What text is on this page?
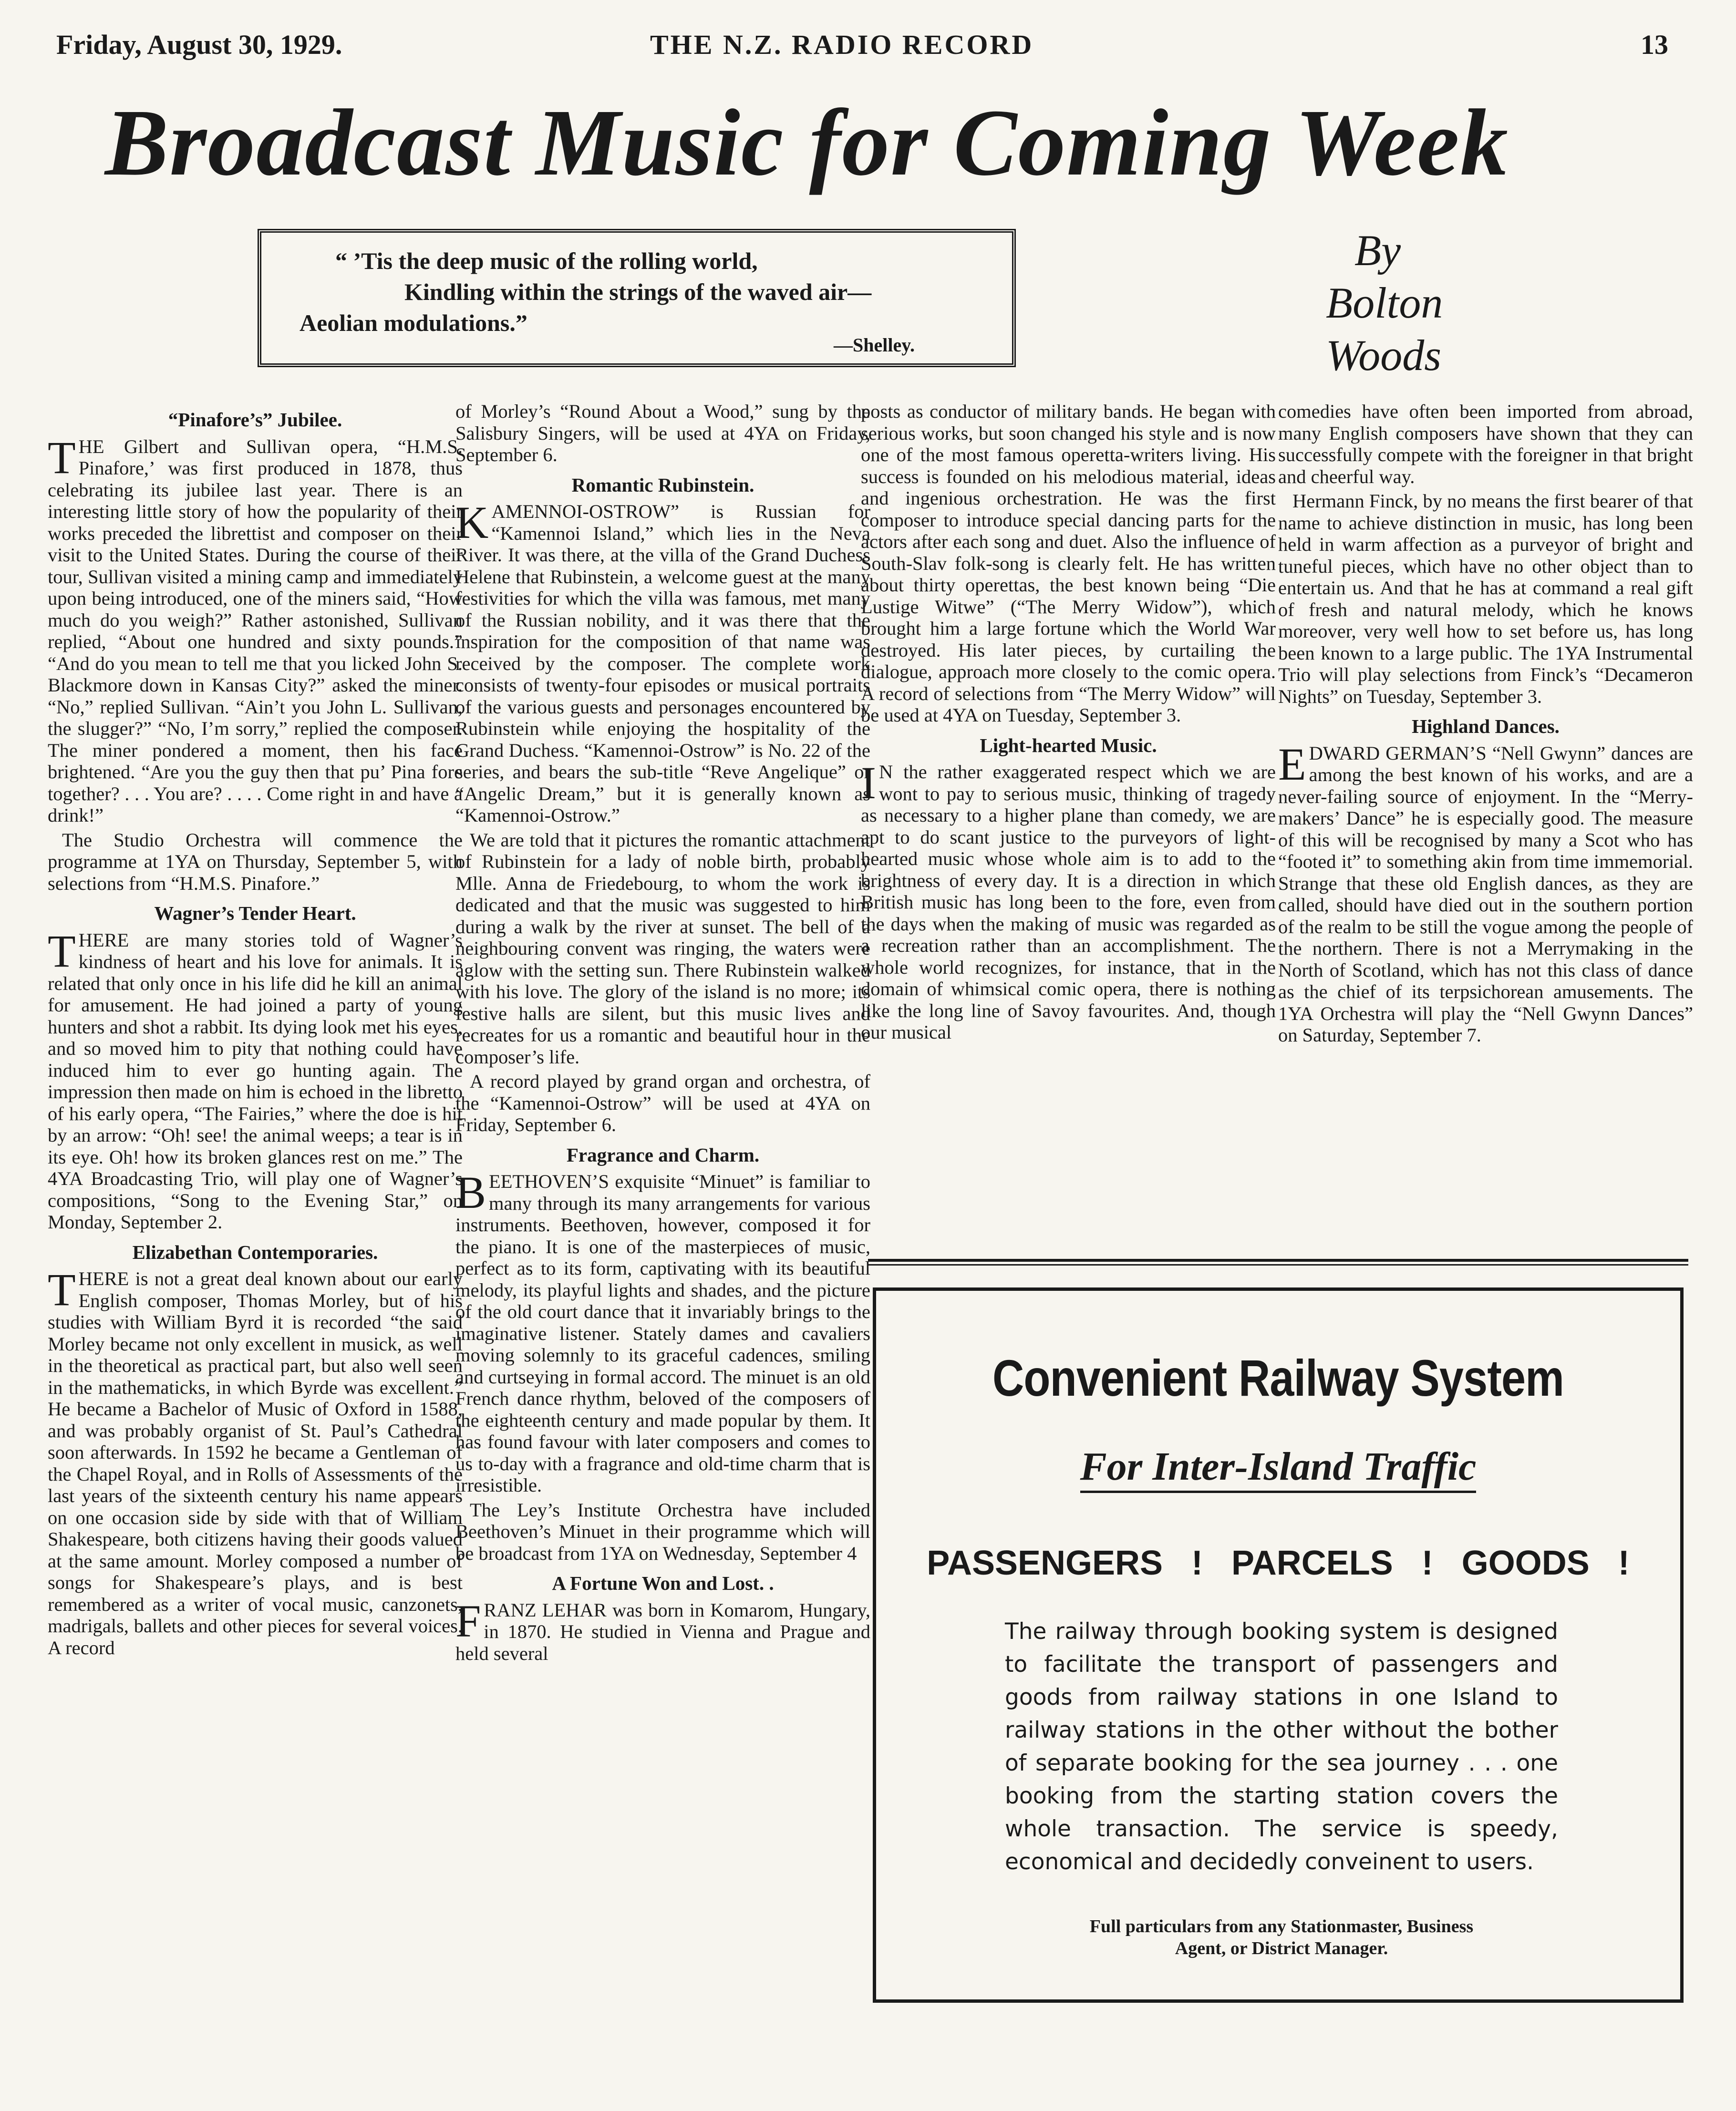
Friday, August 30, 1929.	THE N.Z. RADIO RECORD	13
Broadcast Music for Coming Week
“ ’Tis the deep music of the rolling world,
Kindling within the strings of the waved air—
Aeolian modulations.”
—Shelley.
By
Bolton
Woods
“Pinafore’s” Jubilee.

THE Gilbert and Sullivan opera, “H.M.S. Pinafore,’ was first produced in 1878, thus celebrating its jubilee last year. There is an interesting little story of how the popularity of their works preceded the librettist and composer on their visit to the United States. During the course of their tour, Sullivan visited a mining camp and immediately upon being introduced, one of the miners said, “How much do you weigh?” Rather astonished, Sullivan replied, “About one hundred and sixty pounds.” “And do you mean to tell me that you licked John S. Blackmore down in Kansas City?” asked the miner. “No,” replied Sullivan. “Ain’t you John L. Sullivan, the slugger?” “No, I’m sorry,” replied the composer. The miner pondered a moment, then his face brightened. “Are you the guy then that pu’ Pina fore together? . . . You are? . . . . Come right in and have a drink!”

The Studio Orchestra will commence the programme at 1YA on Thursday, September 5, with selections from “H.M.S. Pinafore.”

Wagner’s Tender Heart.

THERE are many stories told of Wagner’s kindness of heart and his love for animals. It is related that only once in his life did he kill an animal for amusement. He had joined a party of young hunters and shot a rabbit. Its dying look met his eyes, and so moved him to pity that nothing could have induced him to ever go hunting again. The impression then made on him is echoed in the libretto of his early opera, “The Fairies,” where the doe is hit by an arrow: “Oh! see! the animal weeps; a tear is in its eye. Oh! how its broken glances rest on me.” The 4YA Broadcasting Trio, will play one of Wagner’s compositions, “Song to the Evening Star,” on Monday, September 2.

Elizabethan Contemporaries.

THERE is not a great deal known about our early English composer, Thomas Morley, but of his studies with William Byrd it is recorded “the said Morley became not only excellent in musick, as well in the theoretical as practical part, but also well seen in the mathematicks, in which Byrde was excellent.” He became a Bachelor of Music of Oxford in 1588, and was probably organist of St. Paul’s Cathedral soon afterwards. In 1592 he became a Gentleman of the Chapel Royal, and in Rolls of Assessments of the last years of the sixteenth century his name appears on one occasion side by side with that of William Shakespeare, both citizens having their goods valued at the same amount. Morley composed a number of songs for Shakespeare’s plays, and is best remembered as a writer of vocal music, canzonets, madrigals, ballets and other pieces for several voices. A record

of Morley’s “Round About a Wood,” sung by the Salisbury Singers, will be used at 4YA on Friday, September 6.

Romantic Rubinstein.

KAMENNOI-OSTROW” is Russian for “Kamennoi Island,” which lies in the Neva River. It was there, at the villa of the Grand Duchess Helene that Rubinstein, a welcome guest at the many festivities for which the villa was famous, met many of the Russian nobility, and it was there that the inspiration for the composition of that name was received by the composer. The complete work consists of twenty-four episodes or musical portraits of the various guests and personages encountered by Rubinstein while enjoying the hospitality of the Grand Duchess. “Kamennoi-Ostrow” is No. 22 of the series, and bears the sub-title “Reve Angelique” or “Angelic Dream,” but it is generally known as “Kamennoi-Ostrow.”

We are told that it pictures the romantic attachment of Rubinstein for a lady of noble birth, probably Mlle. Anna de Friedebourg, to whom the work is dedicated and that the music was suggested to him during a walk by the river at sunset. The bell of a neighbouring convent was ringing, the waters were aglow with the setting sun. There Rubinstein walked with his love. The glory of the island is no more; its festive halls are silent, but this music lives and recreates for us a romantic and beautiful hour in the composer’s life.

A record played by grand organ and orchestra, of the “Kamennoi-Ostrow” will be used at 4YA on Friday, September 6.

Fragrance and Charm.

BEETHOVEN’S exquisite “Minuet” is familiar to many through its many arrangements for various instruments. Beethoven, however, composed it for the piano. It is one of the masterpieces of music, perfect as to its form, captivating with its beautiful melody, its playful lights and shades, and the picture of the old court dance that it invariably brings to the imaginative listener. Stately dames and cavaliers moving solemnly to its graceful cadences, smiling and curtseying in formal accord. The minuet is an old French dance rhythm, beloved of the composers of the eighteenth century and made popular by them. It has found favour with later composers and comes to us to-day with a fragrance and old-time charm that is irresistible.

The Ley’s Institute Orchestra have included Beethoven’s Minuet in their programme which will be broadcast from 1YA on Wednesday, September 4

A Fortune Won and Lost. .

FRANZ LEHAR was born in Komarom, Hungary, in 1870. He studied in Vienna and Prague and held several

posts as conductor of military bands. He began with serious works, but soon changed his style and is now one of the most famous operetta-writers living. His success is founded on his melodious material, ideas and ingenious orchestration. He was the first composer to introduce special dancing parts for the actors after each song and duet. Also the influence of South-Slav folk-song is clearly felt. He has written about thirty operettas, the best known being “Die Lustige Witwe” (“The Merry Widow”), which brought him a large fortune which the World War destroyed. His later pieces, by curtailing the dialogue, approach more closely to the comic opera. A record of selections from “The Merry Widow” will be used at 4YA on Tuesday, September 3.

Light-hearted Music.

I N the rather exaggerated respect which we are wont to pay to serious music, thinking of tragedy as necessary to a higher plane than comedy, we are apt to do scant justice to the purveyors of light-hearted music whose whole aim is to add to the brightness of every day. It is a direction in which British music has long been to the fore, even from the days when the making of music was regarded as a recreation rather than an accomplishment. The whole world recognizes, for instance, that in the domain of whimsical comic opera, there is nothing like the long line of Savoy favourites. And, though our musical

comedies have often been imported from abroad, many English composers have shown that they can successfully compete with the foreigner in that bright and cheerful way.

Hermann Finck, by no means the first bearer of that name to achieve distinction in music, has long been held in warm affection as a purveyor of bright and tuneful pieces, which have no other object than to entertain us. And that he has at command a real gift of fresh and natural melody, which he knows moreover, very well how to set before us, has long been known to a large public. The 1YA Instrumental Trio will play selections from Finck’s “Decameron Nights” on Tuesday, September 3.

Highland Dances.

EDWARD GERMAN’S “Nell Gwynn” dances are among the best known of his works, and are a never-failing source of enjoyment. In the “Merry-makers’ Dance” he is especially good. The measure of this will be recognised by many a Scot who has “footed it” to something akin from time immemorial. Strange that these old English dances, as they are called, should have died out in the southern portion of the realm to be still the vogue among the people of the northern. There is not a Merrymaking in the North of Scotland, which has not this class of dance as the chief of its terpsichorean amusements. The 1YA Orchestra will play the “Nell Gwynn Dances” on Saturday, September 7.

Convenient Railway System
For Inter-Island Traffic
PASSENGERS ! PARCELS ! GOODS !
The railway through booking system is designed to facilitate the transport of passengers and goods from railway stations in one Island to railway stations in the other without the bother of separate booking for the sea journey . . . one booking from the starting station covers the whole transaction. The service is speedy, economical and decidedly conveinent to users.
Full particulars from any Stationmaster, Business Agent, or District Manager.
